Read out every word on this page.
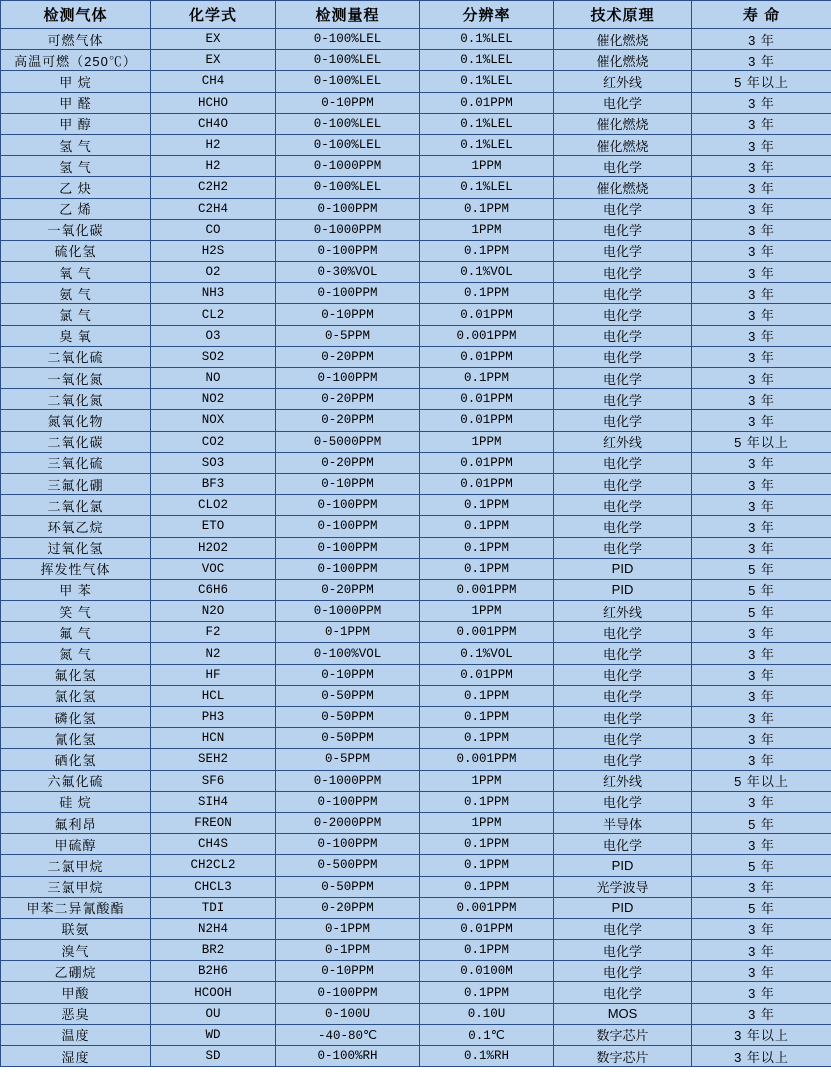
检测气体	化学式	检测量程	分辨率	技术原理	寿 命
可燃气体	EX	0-100%LEL	0.1%LEL	催化燃烧	3 年
高温可燃（250℃）	EX	0-100%LEL	0.1%LEL	催化燃烧	3 年
甲 烷	CH4	0-100%LEL	0.1%LEL	红外线	5 年以上
甲 醛	HCHO	0-10PPM	0.01PPM	电化学	3 年
甲 醇	CH4O	0-100%LEL	0.1%LEL	催化燃烧	3 年
氢 气	H2	0-100%LEL	0.1%LEL	催化燃烧	3 年
氢 气	H2	0-1000PPM	1PPM	电化学	3 年
乙 炔	C2H2	0-100%LEL	0.1%LEL	催化燃烧	3 年
乙 烯	C2H4	0-100PPM	0.1PPM	电化学	3 年
一氧化碳	CO	0-1000PPM	1PPM	电化学	3 年
硫化氢	H2S	0-100PPM	0.1PPM	电化学	3 年
氧 气	O2	0-30%VOL	0.1%VOL	电化学	3 年
氨 气	NH3	0-100PPM	0.1PPM	电化学	3 年
氯 气	CL2	0-10PPM	0.01PPM	电化学	3 年
臭 氧	O3	0-5PPM	0.001PPM	电化学	3 年
二氧化硫	SO2	0-20PPM	0.01PPM	电化学	3 年
一氧化氮	NO	0-100PPM	0.1PPM	电化学	3 年
二氧化氮	NO2	0-20PPM	0.01PPM	电化学	3 年
氮氧化物	NOX	0-20PPM	0.01PPM	电化学	3 年
二氧化碳	CO2	0-5000PPM	1PPM	红外线	5 年以上
三氧化硫	SO3	0-20PPM	0.01PPM	电化学	3 年
三氟化硼	BF3	0-10PPM	0.01PPM	电化学	3 年
二氧化氯	CLO2	0-100PPM	0.1PPM	电化学	3 年
环氧乙烷	ETO	0-100PPM	0.1PPM	电化学	3 年
过氧化氢	H2O2	0-100PPM	0.1PPM	电化学	3 年
挥发性气体	VOC	0-100PPM	0.1PPM	PID	5 年
甲 苯	C6H6	0-20PPM	0.001PPM	PID	5 年
笑 气	N2O	0-1000PPM	1PPM	红外线	5 年
氟 气	F2	0-1PPM	0.001PPM	电化学	3 年
氮 气	N2	0-100%VOL	0.1%VOL	电化学	3 年
氟化氢	HF	0-10PPM	0.01PPM	电化学	3 年
氯化氢	HCL	0-50PPM	0.1PPM	电化学	3 年
磷化氢	PH3	0-50PPM	0.1PPM	电化学	3 年
氰化氢	HCN	0-50PPM	0.1PPM	电化学	3 年
硒化氢	SEH2	0-5PPM	0.001PPM	电化学	3 年
六氟化硫	SF6	0-1000PPM	1PPM	红外线	5 年以上
硅 烷	SIH4	0-100PPM	0.1PPM	电化学	3 年
氟利昂	FREON	0-2000PPM	1PPM	半导体	5 年
甲硫醇	CH4S	0-100PPM	0.1PPM	电化学	3 年
二氯甲烷	CH2CL2	0-500PPM	0.1PPM	PID	5 年
三氯甲烷	CHCL3	0-50PPM	0.1PPM	光学波导	3 年
甲苯二异氰酸酯	TDI	0-20PPM	0.001PPM	PID	5 年
联氨	N2H4	0-1PPM	0.01PPM	电化学	3 年
溴气	BR2	0-1PPM	0.1PPM	电化学	3 年
乙硼烷	B2H6	0-10PPM	0.0100M	电化学	3 年
甲酸	HCOOH	0-100PPM	0.1PPM	电化学	3 年
恶臭	OU	0-100U	0.10U	MOS	3 年
温度	WD	-40-80℃	0.1℃	数字芯片	3 年以上
湿度	SD	0-100%RH	0.1%RH	数字芯片	3 年以上
